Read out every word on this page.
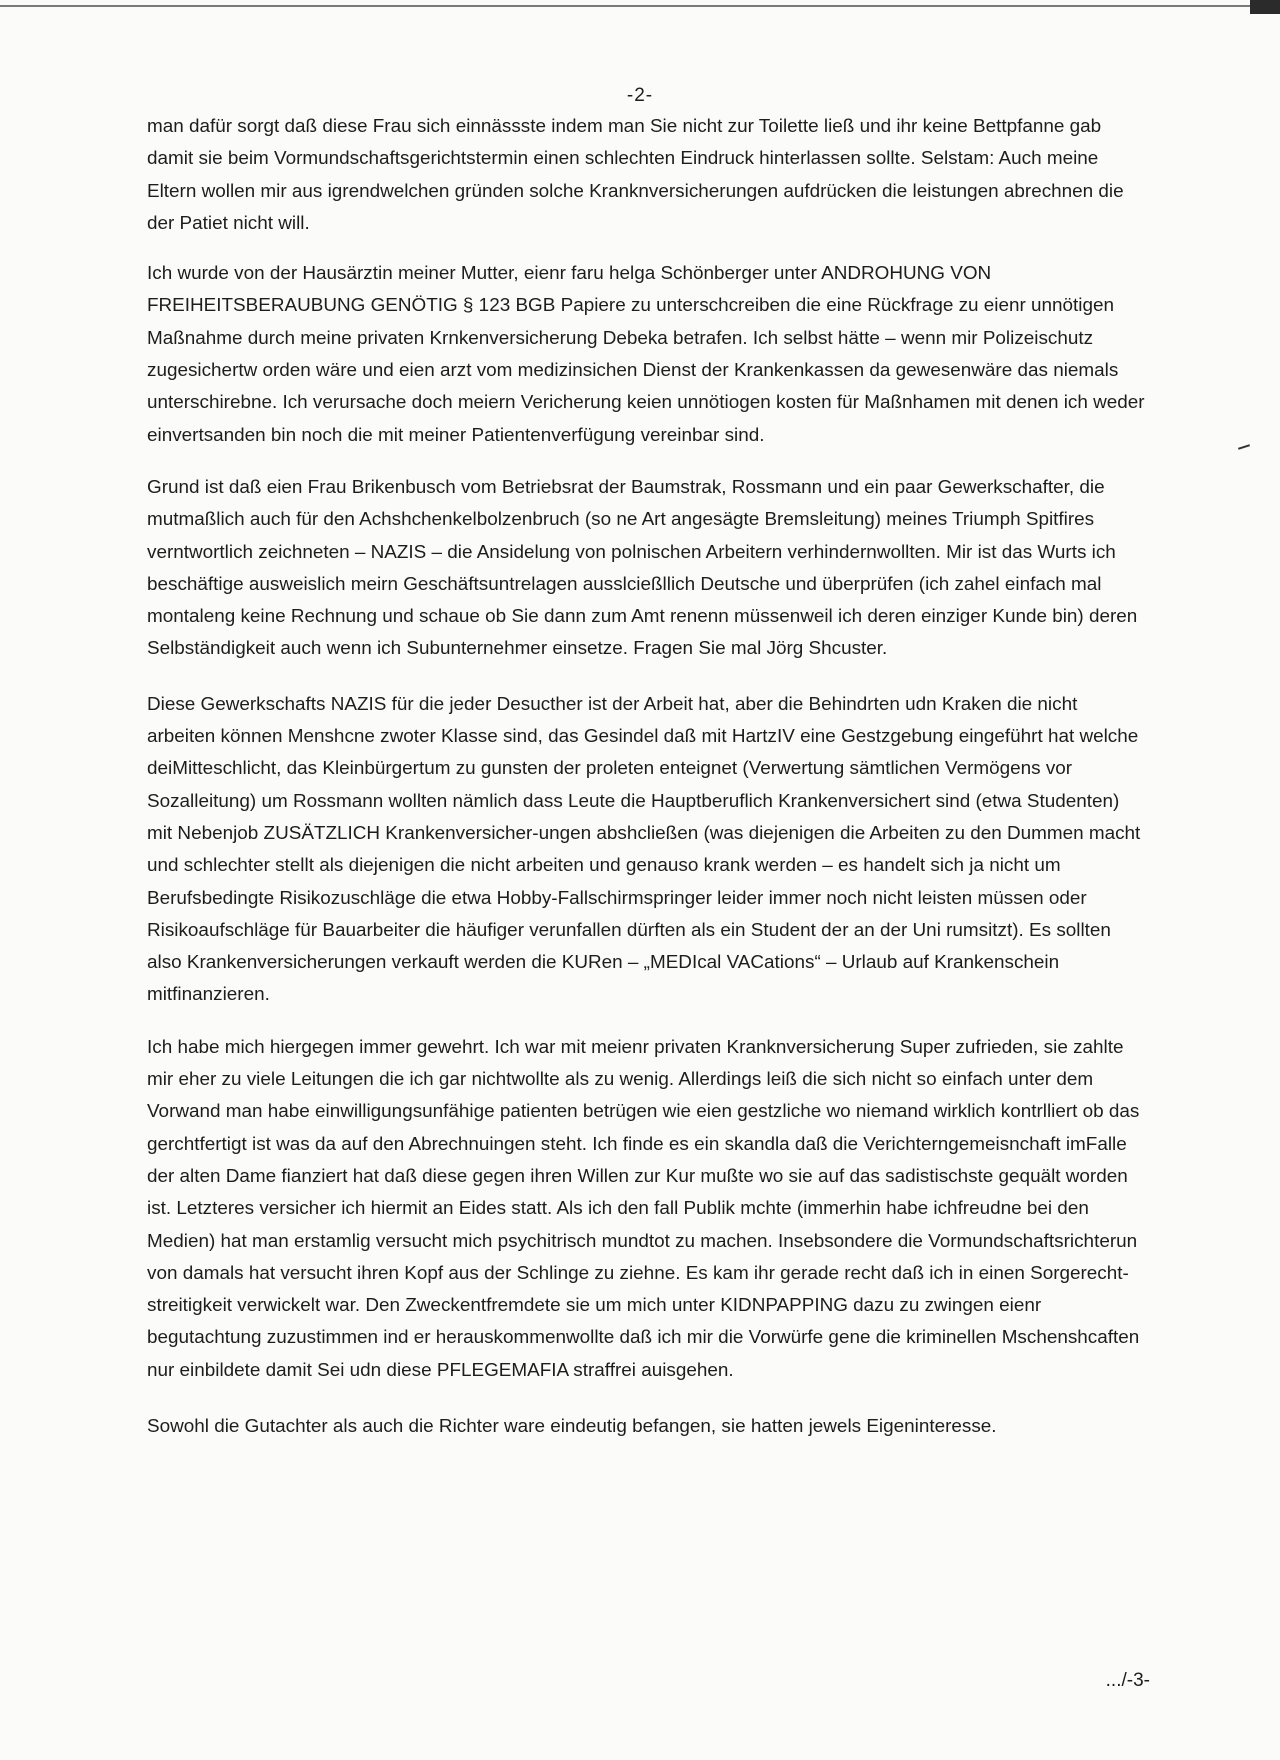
-2-

man dafür sorgt daß diese Frau sich einnässste indem man Sie nicht zur Toilette ließ und ihr keine Bettpfanne gab damit sie beim Vormundschaftsgerichtstermin einen schlechten Eindruck hinterlassen sollte. Selstam: Auch meine Eltern wollen mir aus igrendwelchen gründen solche Kranknversicherungen aufdrücken die leistungen abrechnen die der Patiet nicht will.

Ich wurde von der Hausärztin meiner Mutter, eienr faru helga Schönberger unter ANDROHUNG VON FREIHEITSBERAUBUNG GENÖTIG § 123 BGB Papiere zu unterschcreiben die eine Rückfrage zu eienr unnötigen Maßnahme durch meine privaten Krnkenversicherung Debeka betrafen. Ich selbst hätte – wenn mir Polizeischutz zugesichertw orden wäre und eien arzt vom medizinsichen Dienst der Krankenkassen da gewesenwäre das niemals unterschirebne. Ich verursache doch meiern Vericherung keien unnötiogen kosten für Maßnhamen mit denen ich weder einvertsanden bin noch die mit meiner Patientenverfügung vereinbar sind.

Grund ist daß eien Frau Brikenbusch vom Betriebsrat der Baumstrak, Rossmann und ein paar Gewerkschafter, die mutmaßlich auch für den Achshchenkelbolzenbruch (so ne Art angesägte Bremsleitung) meines Triumph Spitfires verntwortlich zeichneten – NAZIS – die Ansidelung von polnischen Arbeitern verhindernwollten. Mir ist das Wurts ich beschäftige ausweislich meirn Geschäftsuntrelagen ausslcießllich Deutsche und überprüfen (ich zahel einfach mal montaleng keine Rechnung und schaue ob Sie dann zum Amt renenn müssenweil ich deren einziger Kunde bin) deren Selbständigkeit auch wenn ich Subunternehmer einsetze. Fragen Sie mal Jörg Shcuster.

Diese Gewerkschafts NAZIS für die jeder Desucther ist der Arbeit hat, aber die Behindrten udn Kraken die nicht arbeiten können Menshcne zwoter Klasse sind, das Gesindel daß mit HartzIV eine Gestzgebung eingeführt hat welche deiMitteschlicht, das Kleinbürgertum zu gunsten der proleten enteignet (Verwertung sämtlichen Vermögens vor Sozalleitung) um Rossmann wollten nämlich dass Leute die Hauptberuflich Krankenversichert sind (etwa Studenten) mit Nebenjob ZUSÄTZLICH Krankenversicher-ungen abshcließen (was diejenigen die Arbeiten zu den Dummen macht und schlechter stellt als diejenigen die nicht arbeiten und genauso krank werden – es handelt sich ja nicht um Berufsbedingte Risikozuschläge die etwa Hobby-Fallschirmspringer leider immer noch nicht leisten müssen oder Risikoaufschläge für Bauarbeiter die häufiger verunfallen dürften als ein Student der an der Uni rumsitzt). Es sollten also Krankenversicherungen verkauft werden die KURen – „MEDIcal VACations“ – Urlaub auf Krankenschein mitfinanzieren.

Ich habe mich hiergegen immer gewehrt. Ich war mit meienr privaten Kranknversicherung Super zufrieden, sie zahlte mir eher zu viele Leitungen die ich gar nichtwollte als zu wenig. Allerdings leiß die sich nicht so einfach unter dem Vorwand man habe einwilligungsunfähige patienten betrügen wie eien gestzliche wo niemand wirklich kontrlliert ob das gerchtfertigt ist was da auf den Abrechnuingen steht. Ich finde es ein skandla daß die Verichterngemeisnchaft imFalle der alten Dame fianziert hat daß diese gegen ihren Willen zur Kur mußte wo sie auf das sadistischste gequält worden ist. Letzteres versicher ich hiermit an Eides statt. Als ich den fall Publik mchte (immerhin habe ichfreudne bei den Medien) hat man erstamlig versucht mich psychitrisch mundtot zu machen. Insebsondere die Vormundschaftsrichterun von damals hat versucht ihren Kopf aus der Schlinge zu ziehne. Es kam ihr gerade recht daß ich in einen Sorgerecht-streitigkeit verwickelt war. Den Zweckentfremdete sie um mich unter KIDNPAPPING dazu zu zwingen eienr begutachtung zuzustimmen ind er herauskommenwollte daß ich mir die Vorwürfe gene die kriminellen Mschenshcaften nur einbildete damit Sei udn diese PFLEGEMAFIA straffrei auisgehen.

Sowohl die Gutachter als auch die Richter ware eindeutig befangen, sie hatten jewels Eigeninteresse.

.../-3-
